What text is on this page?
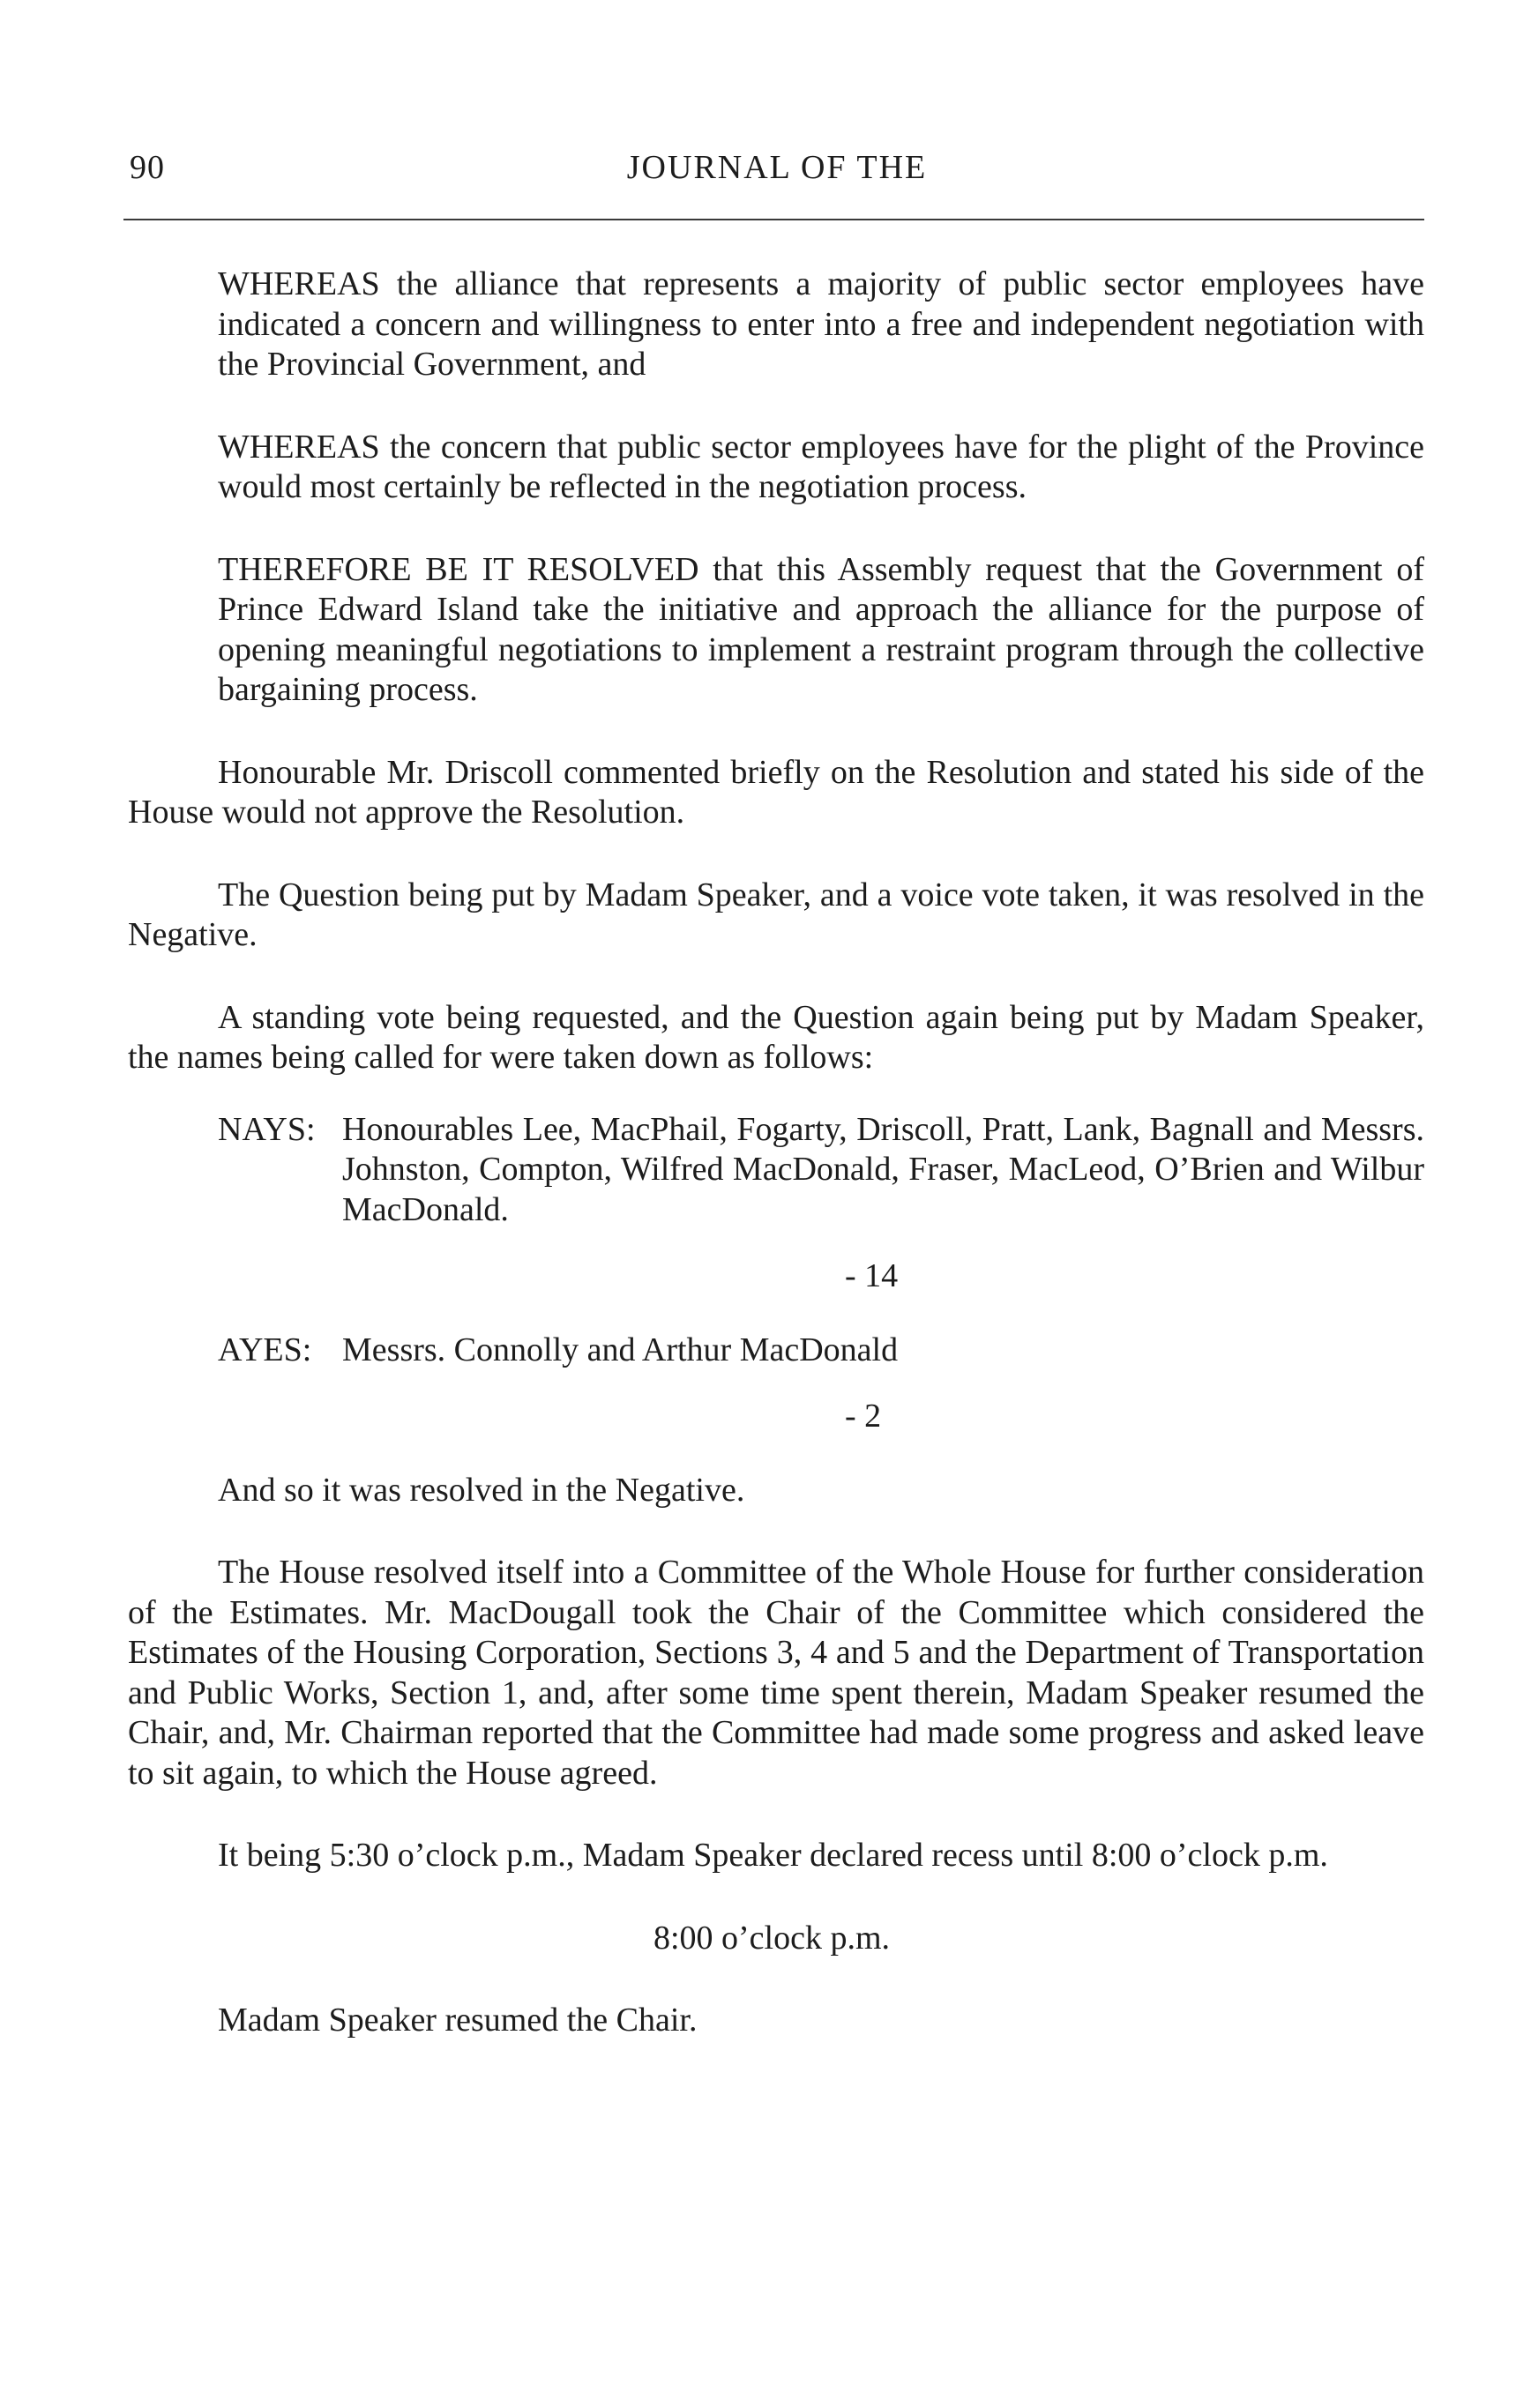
90	JOURNAL OF THE

WHEREAS the alliance that represents a majority of public sector employees have indicated a concern and willingness to enter into a free and independent negotiation with the Provincial Government, and

WHEREAS the concern that public sector employees have for the plight of the Province would most certainly be reflected in the negotiation process.

THEREFORE BE IT RESOLVED that this Assembly request that the Government of Prince Edward Island take the initiative and approach the alliance for the purpose of opening meaningful negotiations to implement a restraint program through the collective bargaining process.

Honourable Mr. Driscoll commented briefly on the Resolution and stated his side of the House would not approve the Resolution.

The Question being put by Madam Speaker, and a voice vote taken, it was resolved in the Negative.

A standing vote being requested, and the Question again being put by Madam Speaker, the names being called for were taken down as follows:

NAYS: Honourables Lee, MacPhail, Fogarty, Driscoll, Pratt, Lank, Bagnall and Messrs. Johnston, Compton, Wilfred MacDonald, Fraser, MacLeod, O’Brien and Wilbur MacDonald.
- 14
AYES: Messrs. Connolly and Arthur MacDonald
- 2

And so it was resolved in the Negative.

The House resolved itself into a Committee of the Whole House for further consideration of the Estimates. Mr. MacDougall took the Chair of the Committee which considered the Estimates of the Housing Corporation, Sections 3, 4 and 5 and the Department of Transportation and Public Works, Section 1, and, after some time spent therein, Madam Speaker resumed the Chair, and, Mr. Chairman reported that the Committee had made some progress and asked leave to sit again, to which the House agreed.

It being 5:30 o’clock p.m., Madam Speaker declared recess until 8:00 o’clock p.m.

8:00 o’clock p.m.

Madam Speaker resumed the Chair.
